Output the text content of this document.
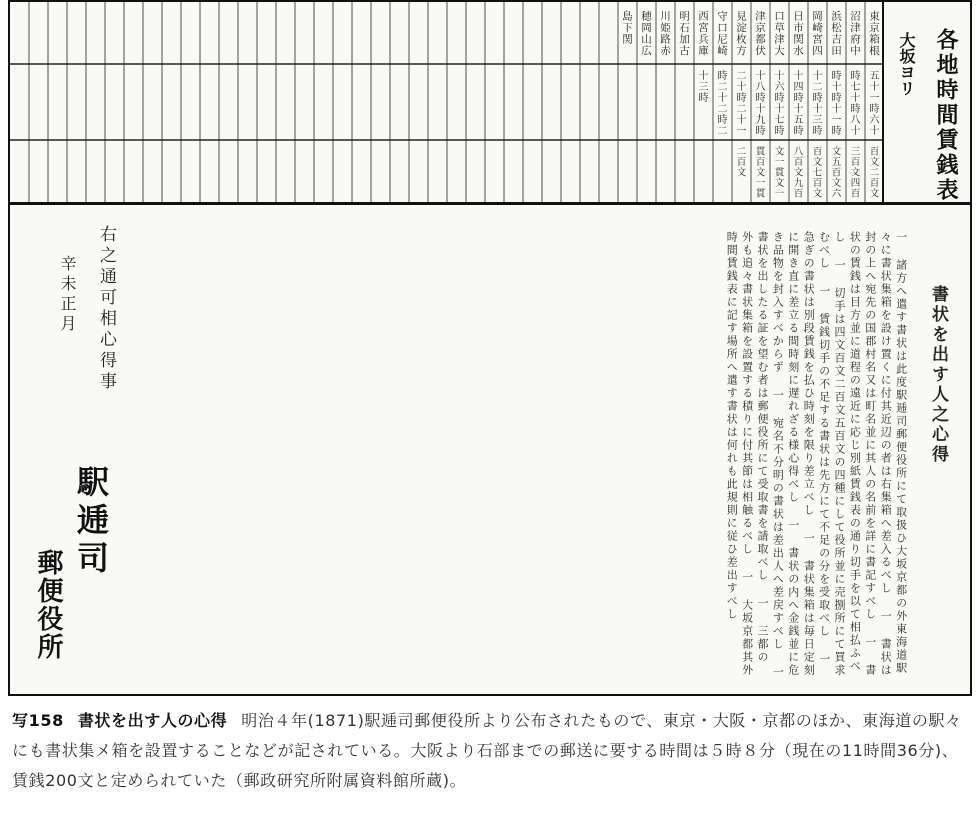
東京箱根
沼津府中
浜松吉田
岡崎宮四
日市関水
口草津大
津京都伏
見淀枚方
守口尼崎
西宮兵庫
明石加古
川姫路赤
穂岡山広
島下関
五十一時六十
時七十時八十
時十時十一時
十二時十三時
十四時十五時
十六時十七時
十八時十九時
二十時二十一
時二十二時二
十三時
百文二百文
三百文四百
文五百文六
百文七百文
八百文九百
文一貫文一
貫百文一貫
二百文	各地時間賃銭表
大坂ヨリ
書状を出す人之心得
一 諸方へ遣す書状は此度駅逓司郵便役所にて取扱ひ大坂京都の外東海道駅
々に書状集箱を設け置くに付其近辺の者は右集箱へ差入るべし 一 書状は
封の上へ宛先の国郡村名又は町名並に其人の名前を詳に書記すべし 一 書
状の賃銭は目方並に道程の遠近に応じ別紙賃銭表の通り切手を以て相払ふべ
し 一 切手は四文百文二百文五百文の四種にして役所並に売捌所にて買求
むべし 一 賃銭切手の不足する書状は先方にて不足の分を受取べし 一
急ぎの書状は別段賃銭を払ひ時刻を限り差立べし 一 書状集箱は毎日定刻
に開き直に差立る間時刻に遅れざる様心得べし 一 書状の内へ金銭並に危
き品物を封入すべからず 一 宛名不分明の書状は差出人へ差戻すべし 一
書状を出したる証を望む者は郵便役所にて受取書を請取べし 一 三都の
外も追々書状集箱を設置する積りに付其節は相触るべし 一 大坂京都其外
時間賃銭表に記す場所へ遣す書状は何れも此規則に従ひ差出すべし
右之通可相心得事
辛未正月
駅逓司
郵便役所
写158 書状を出す人の心得 明治４年(1871)駅逓司郵便役所より公布されたもので、東京・大阪・京都のほか、東海道の駅々にも書状集メ箱を設置することなどが記されている。大阪より石部までの郵送に要する時間は５時８分（現在の11時間36分)、賃銭200文と定められていた（郵政研究所附属資料館所蔵)。
